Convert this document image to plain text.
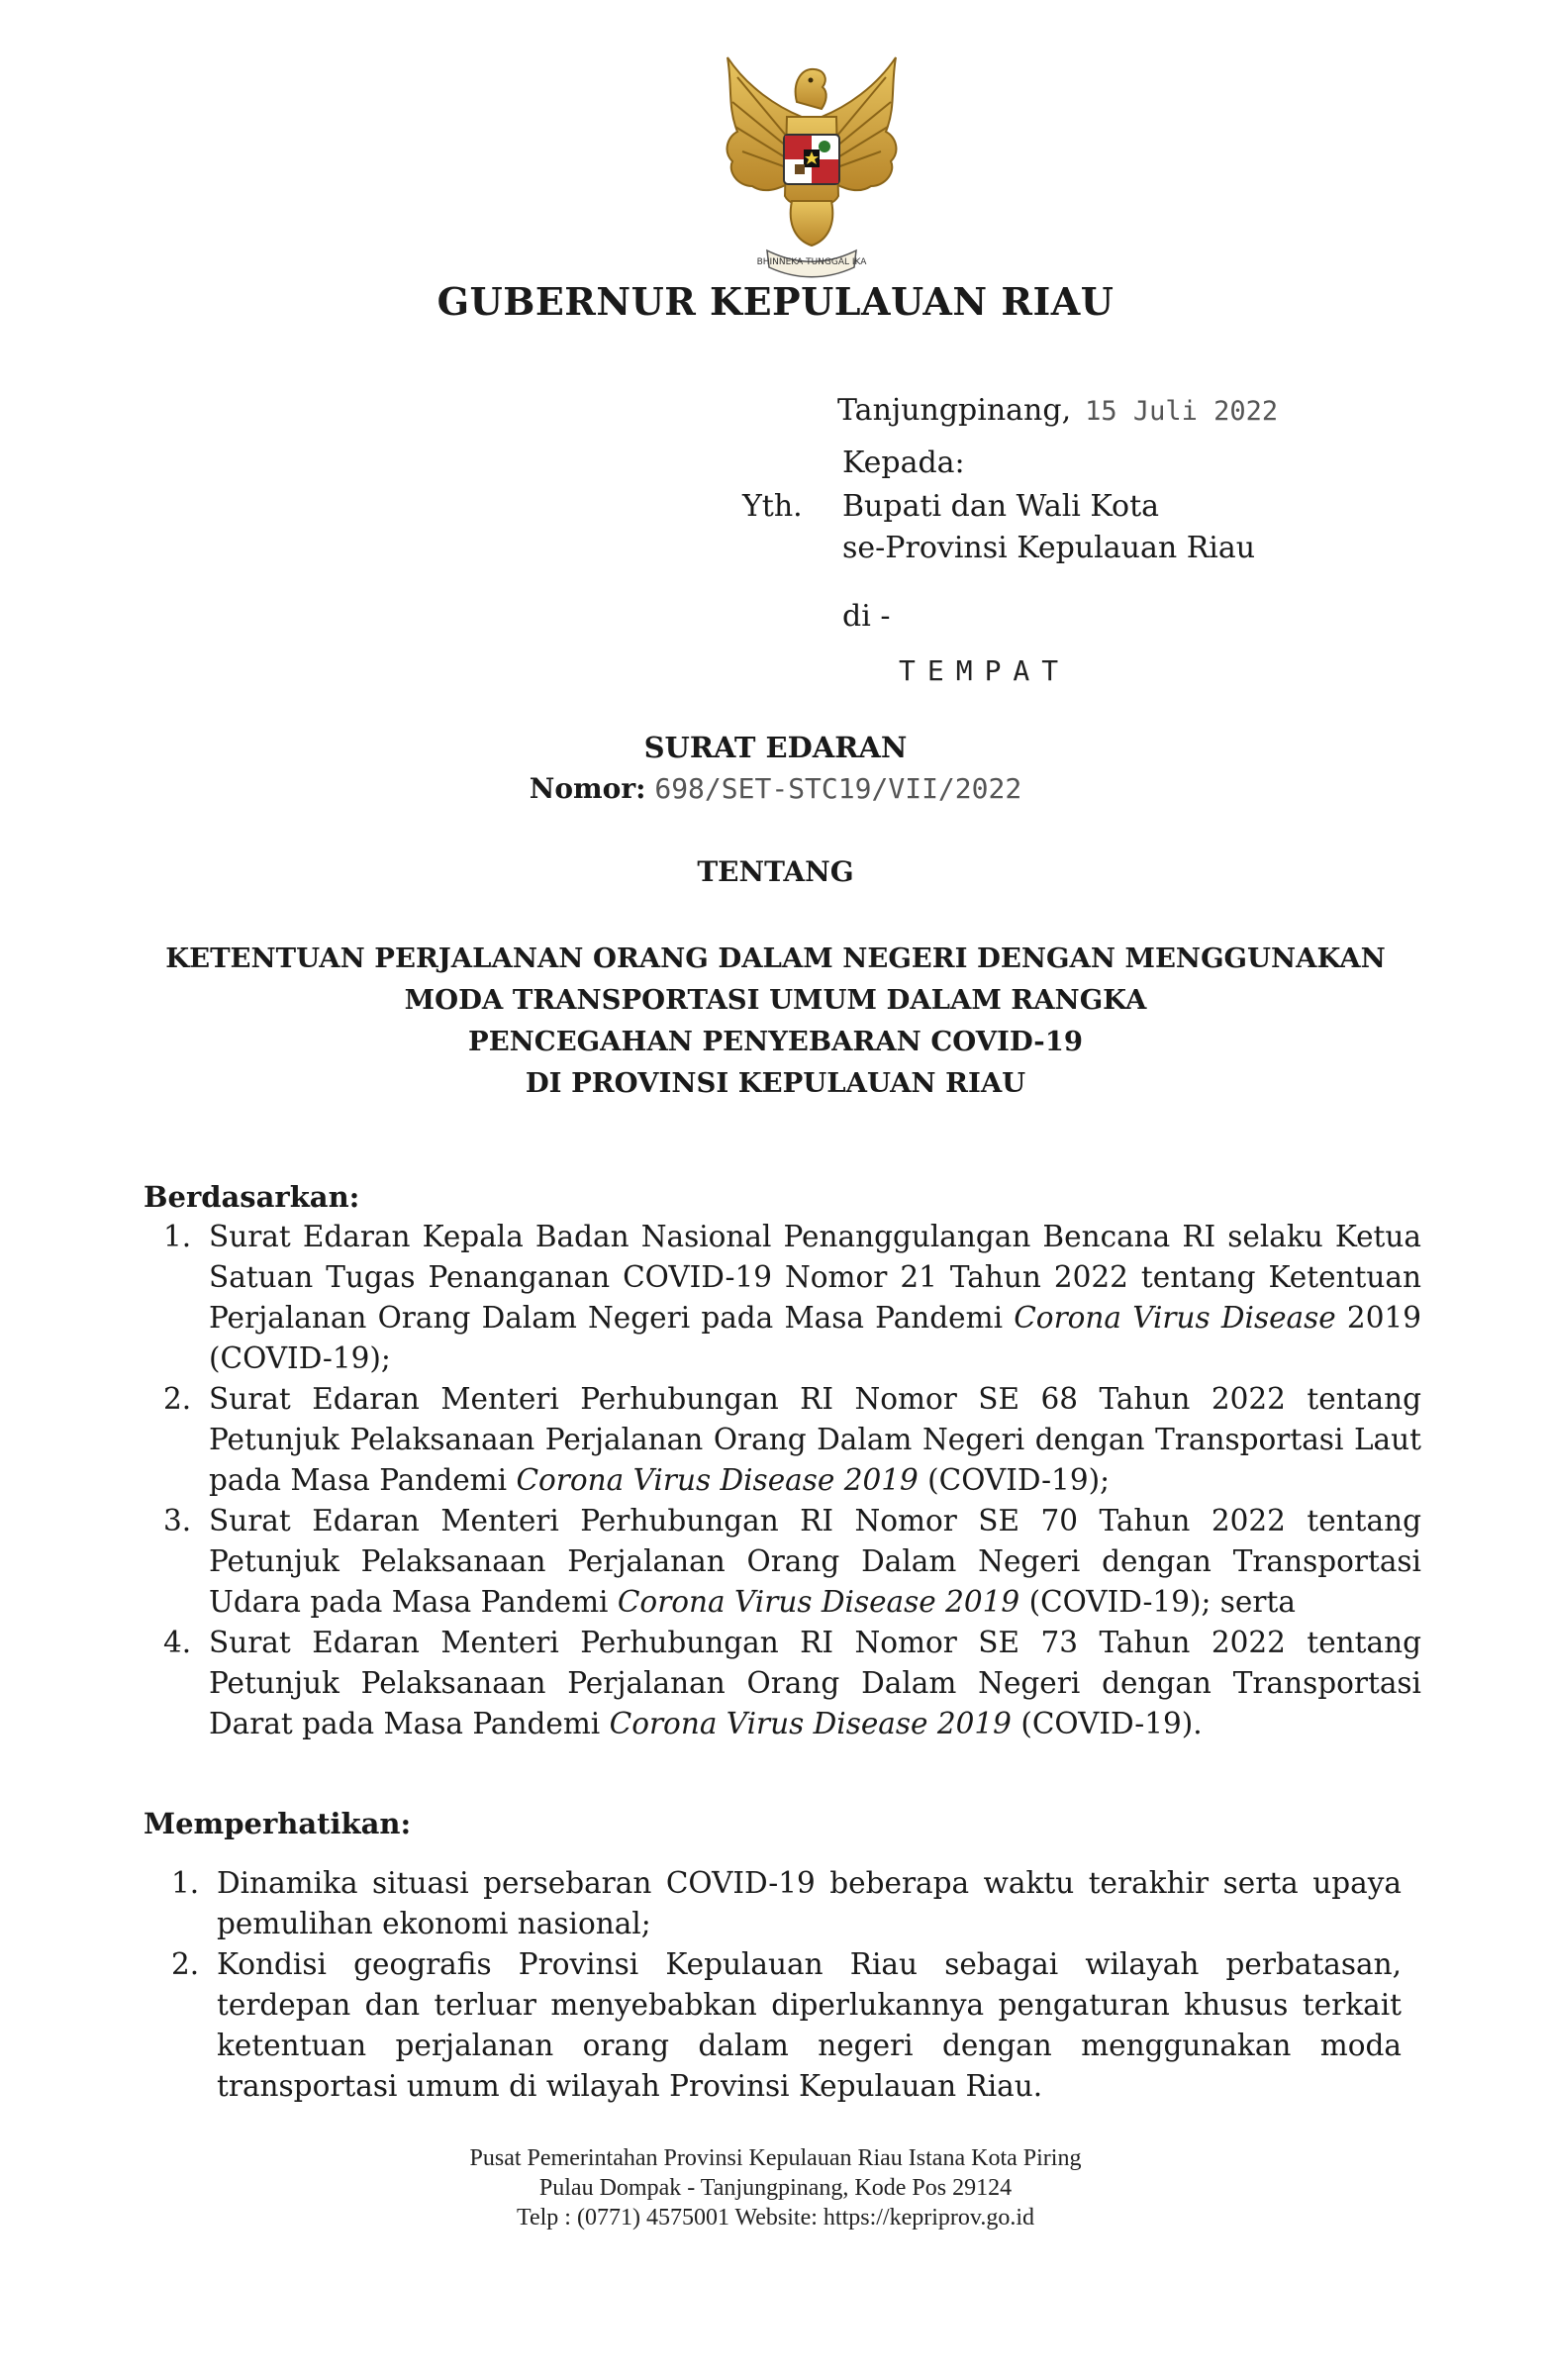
BHINNEKA TUNGGAL IKA
GUBERNUR KEPULAUAN RIAU
Tanjungpinang, 15 Juli 2022
Kepada:
Yth. Bupati dan Wali Kota
se-Provinsi Kepulauan Riau
di -
TEMPAT
SURAT EDARAN
Nomor: 698/SET-STC19/VII/2022
TENTANG
KETENTUAN PERJALANAN ORANG DALAM NEGERI DENGAN MENGGUNAKAN
MODA TRANSPORTASI UMUM DALAM RANGKA
PENCEGAHAN PENYEBARAN COVID-19
DI PROVINSI KEPULAUAN RIAU
Berdasarkan:
1. Surat Edaran Kepala Badan Nasional Penanggulangan Bencana RI selaku Ketua Satuan Tugas Penanganan COVID-19 Nomor 21 Tahun 2022 tentang Ketentuan Perjalanan Orang Dalam Negeri pada Masa Pandemi Corona Virus Disease 2019 (COVID-19);
2. Surat Edaran Menteri Perhubungan RI Nomor SE 68 Tahun 2022 tentang Petunjuk Pelaksanaan Perjalanan Orang Dalam Negeri dengan Transportasi Laut pada Masa Pandemi Corona Virus Disease 2019 (COVID-19);
3. Surat Edaran Menteri Perhubungan RI Nomor SE 70 Tahun 2022 tentang Petunjuk Pelaksanaan Perjalanan Orang Dalam Negeri dengan Transportasi Udara pada Masa Pandemi Corona Virus Disease 2019 (COVID-19); serta
4. Surat Edaran Menteri Perhubungan RI Nomor SE 73 Tahun 2022 tentang Petunjuk Pelaksanaan Perjalanan Orang Dalam Negeri dengan Transportasi Darat pada Masa Pandemi Corona Virus Disease 2019 (COVID-19).
Memperhatikan:
1. Dinamika situasi persebaran COVID-19 beberapa waktu terakhir serta upaya pemulihan ekonomi nasional;
2. Kondisi geografis Provinsi Kepulauan Riau sebagai wilayah perbatasan, terdepan dan terluar menyebabkan diperlukannya pengaturan khusus terkait ketentuan perjalanan orang dalam negeri dengan menggunakan moda transportasi umum di wilayah Provinsi Kepulauan Riau.
Pusat Pemerintahan Provinsi Kepulauan Riau Istana Kota Piring
Pulau Dompak - Tanjungpinang, Kode Pos 29124
Telp : (0771) 4575001 Website: https://kepriprov.go.id
